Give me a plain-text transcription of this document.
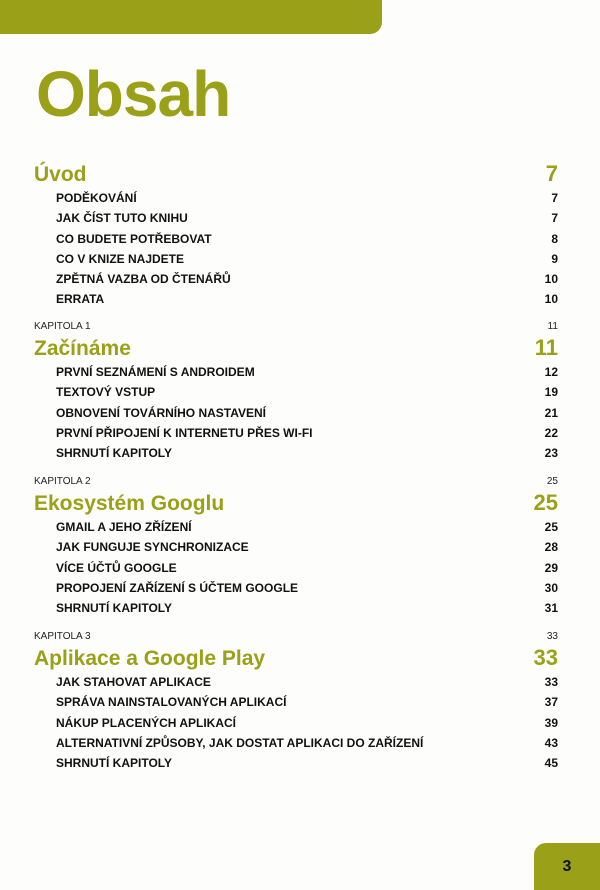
Obsah
Úvod	7
PODĚKOVÁNÍ	7
JAK ČÍST TUTO KNIHU	7
CO BUDETE POTŘEBOVAT	8
CO V KNIZE NAJDETE	9
ZPĚTNÁ VAZBA OD ČTENÁŘŮ	10
ERRATA	10
KAPITOLA 1	11
Začínáme	11
PRVNÍ SEZNÁMENÍ S ANDROIDEM	12
TEXTOVÝ VSTUP	19
OBNOVENÍ TOVÁRNÍHO NASTAVENÍ	21
PRVNÍ PŘIPOJENÍ K INTERNETU PŘES WI-FI	22
SHRNUTÍ KAPITOLY	23
KAPITOLA 2	25
Ekosystém Googlu	25
GMAIL A JEHO ZŘÍZENÍ	25
JAK FUNGUJE SYNCHRONIZACE	28
VÍCE ÚČTŮ GOOGLE	29
PROPOJENÍ ZAŘÍZENÍ S ÚČTEM GOOGLE	30
SHRNUTÍ KAPITOLY	31
KAPITOLA 3	33
Aplikace a Google Play	33
JAK STAHOVAT APLIKACE	33
SPRÁVA NAINSTALOVANÝCH APLIKACÍ	37
NÁKUP PLACENÝCH APLIKACÍ	39
ALTERNATIVNÍ ZPŮSOBY, JAK DOSTAT APLIKACI DO ZAŘÍZENÍ	43
SHRNUTÍ KAPITOLY	45
3
